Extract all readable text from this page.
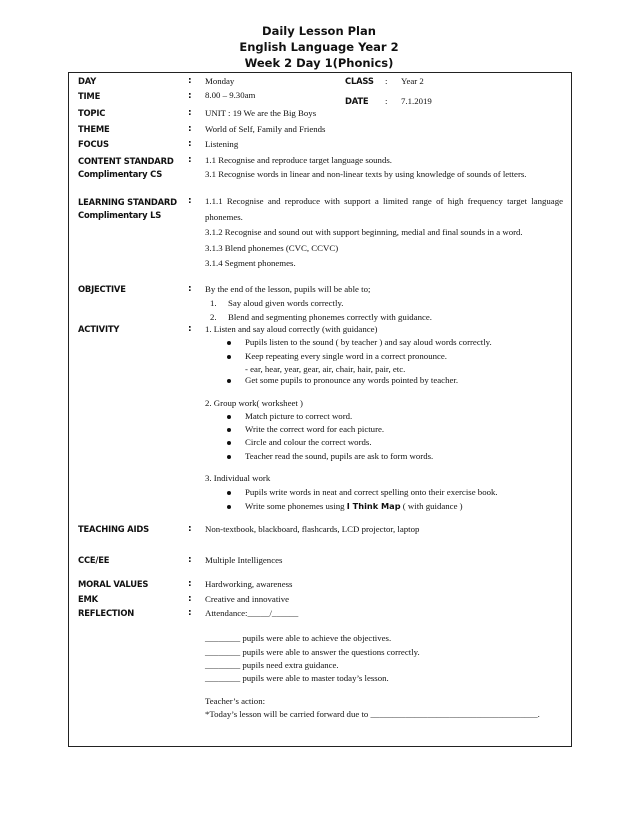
Daily Lesson Plan
English Language Year 2
Week 2 Day 1(Phonics)
DAY	: Monday	CLASS : Year 2
TIME	: 8.00 – 9.30am
DATE : 7.1.2019
TOPIC	: UNIT : 19 We are the Big Boys
THEME	: World of Self, Family and Friends
FOCUS	: Listening
CONTENT STANDARD
Complimentary CS
: 1.1 Recognise and reproduce target language sounds.

3.1 Recognise words in linear and non-linear texts by using knowledge of sounds of letters.

LEARNING STANDARD
Complimentary LS
: 1.1.1 Recognise and reproduce with support a limited range of high frequency target language phonemes.

3.1.2 Recognise and sound out with support beginning, medial and final sounds in a word.

3.1.3 Blend phonemes (CVC, CCVC)

3.1.4 Segment phonemes.

OBJECTIVE	: By the end of the lesson, pupils will be able to;
1. Say aloud given words correctly.
2. Blend and segmenting phonemes correctly with guidance.
ACTIVITY	: 1. Listen and say aloud correctly (with guidance)
Pupils listen to the sound ( by teacher ) and say aloud words correctly.
Keep repeating every single word in a correct pronounce.
- ear, hear, year, gear, air, chair, hair, pair, etc.
Get some pupils to pronounce any words pointed by teacher.
2. Group work( worksheet )
Match picture to correct word.
Write the correct word for each picture.
Circle and colour the correct words.
Teacher read the sound, pupils are ask to form words.
3. Individual work
Pupils write words in neat and correct spelling onto their exercise book.
Write some phonemes using I Think Map ( with guidance )
TEACHING AIDS	: Non-textbook, blackboard, flashcards, LCD projector, laptop
CCE/EE	: Multiple Intelligences
MORAL VALUES	: Hardworking, awareness
EMK	: Creative and innovative
REFLECTION	: Attendance:_____/______
________ pupils were able to achieve the objectives.
________ pupils were able to answer the questions correctly.
________ pupils need extra guidance.
________ pupils were able to master today’s lesson.
Teacher’s action:
*Today’s lesson will be carried forward due to ______________________________________.
